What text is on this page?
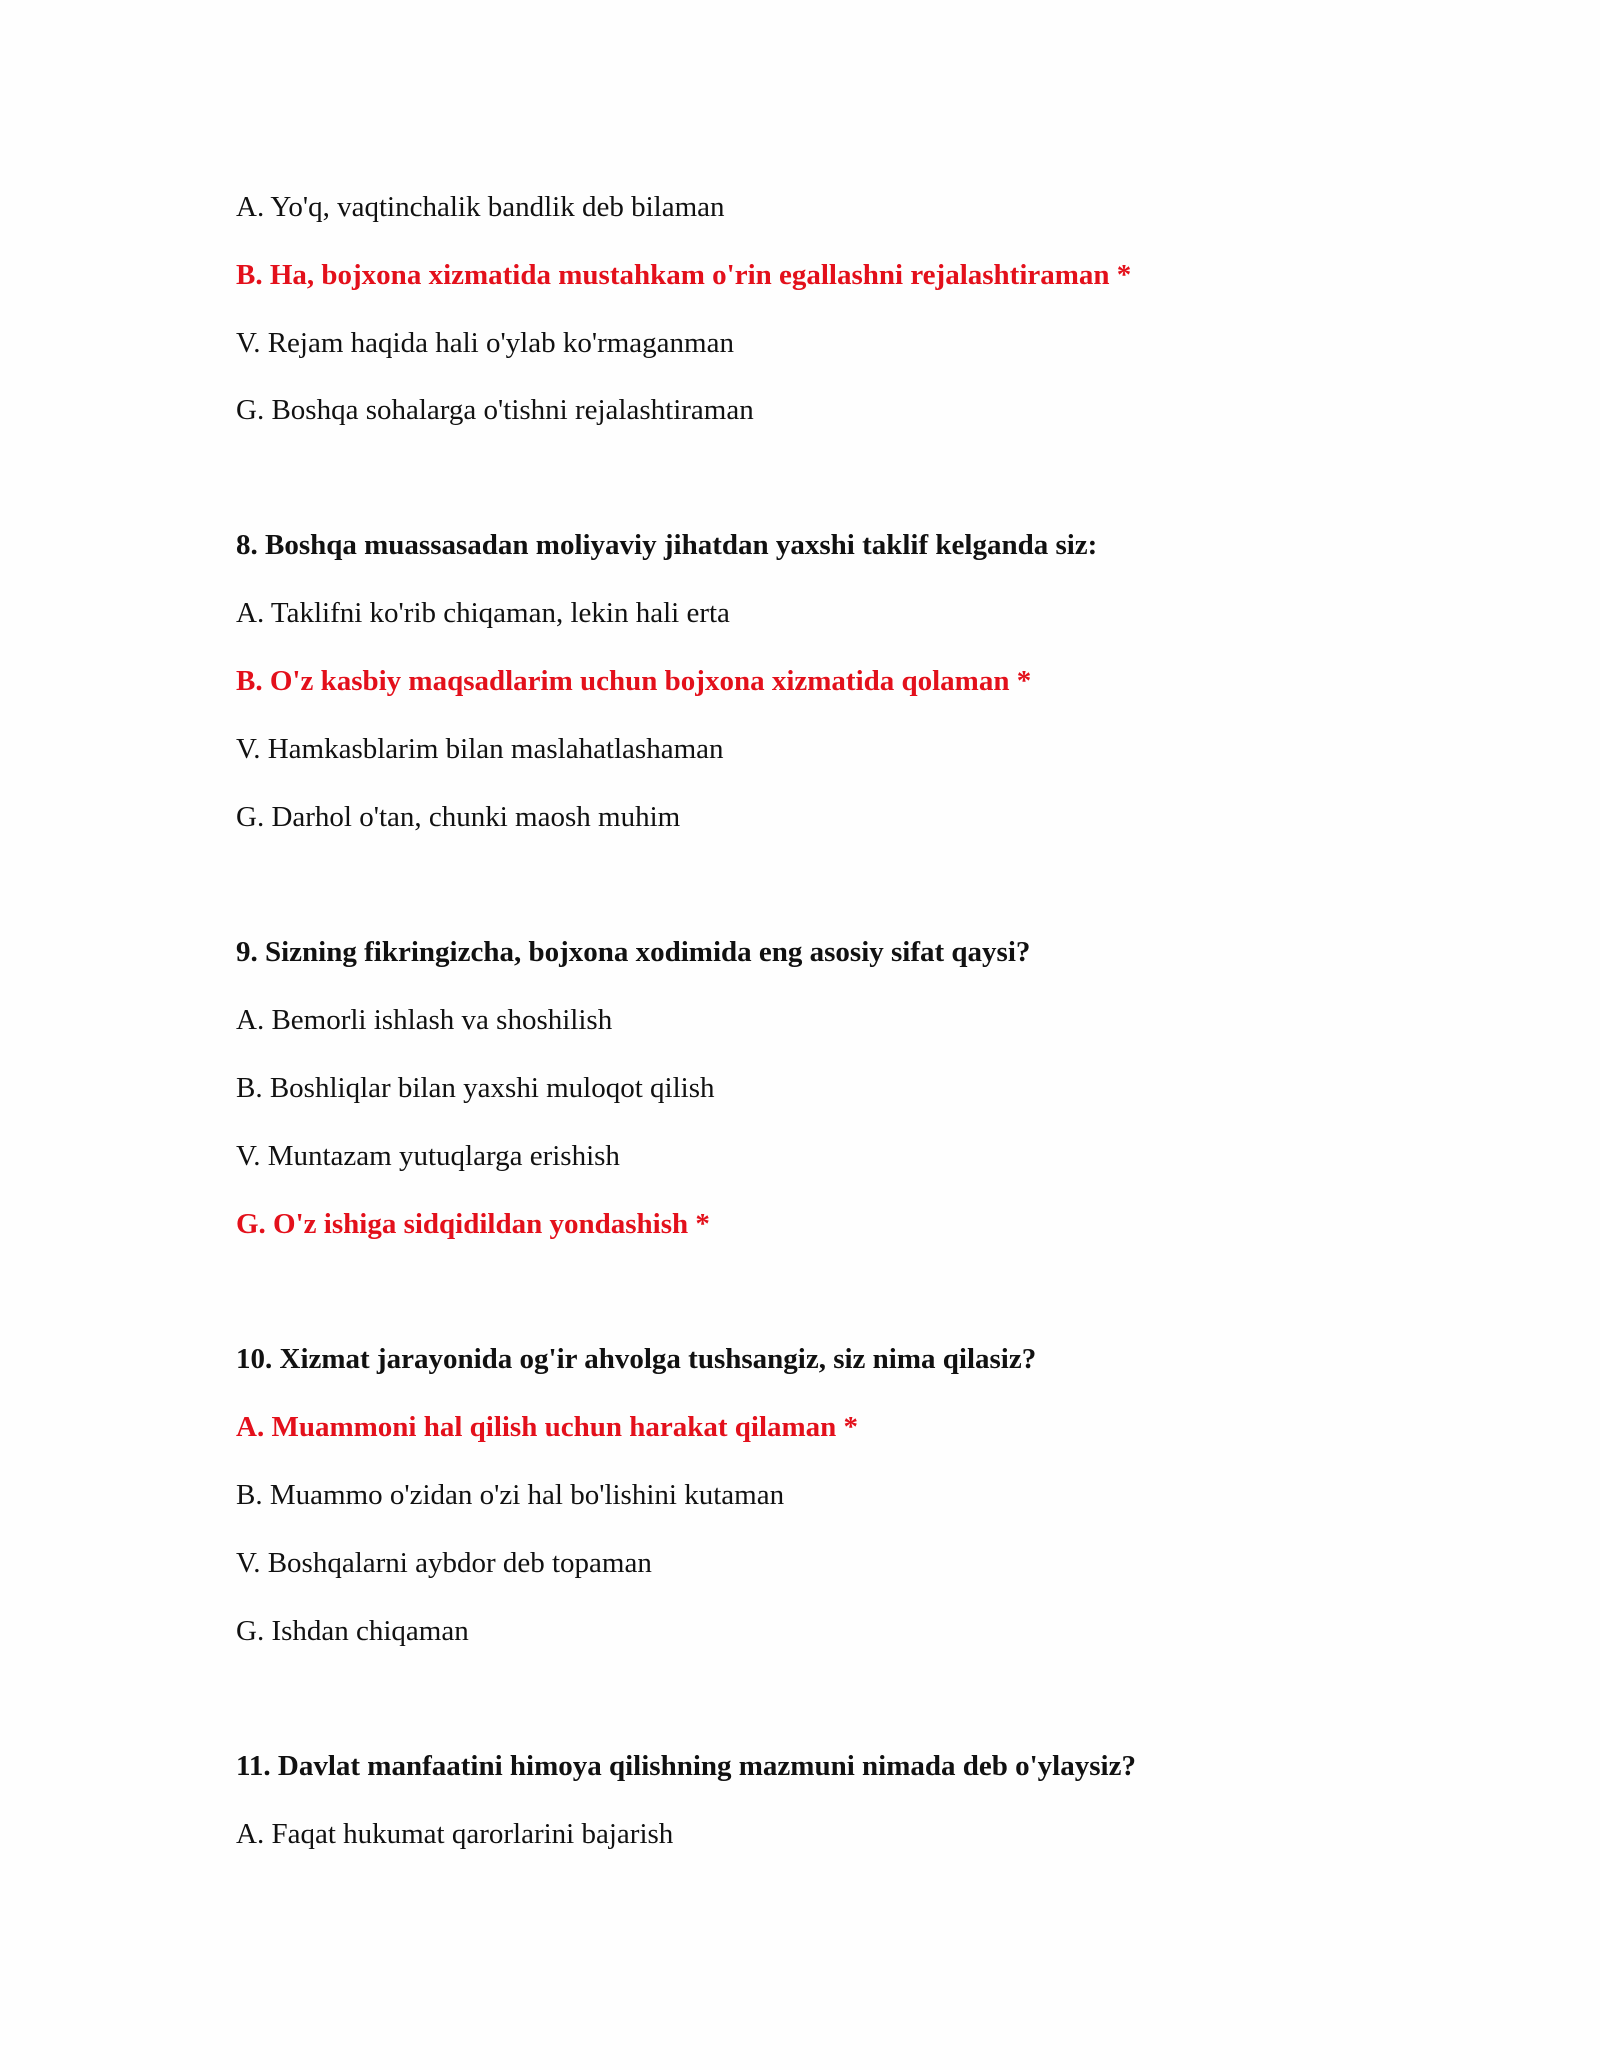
A. Yo'q, vaqtinchalik bandlik deb bilaman
B. Ha, bojxona xizmatida mustahkam o'rin egallashni rejalashtiraman *
V. Rejam haqida hali o'ylab ko'rmaganman
G. Boshqa sohalarga o'tishni rejalashtiraman
8. Boshqa muassasadan moliyaviy jihatdan yaxshi taklif kelganda siz:
A. Taklifni ko'rib chiqaman, lekin hali erta
B. O'z kasbiy maqsadlarim uchun bojxona xizmatida qolaman *
V. Hamkasblarim bilan maslahatlashaman
G. Darhol o'tan, chunki maosh muhim
9. Sizning fikringizcha, bojxona xodimida eng asosiy sifat qaysi?
A. Bemorli ishlash va shoshilish
B. Boshliqlar bilan yaxshi muloqot qilish
V. Muntazam yutuqlarga erishish
G. O'z ishiga sidqidildan yondashish *
10. Xizmat jarayonida og'ir ahvolga tushsangiz, siz nima qilasiz?
A. Muammoni hal qilish uchun harakat qilaman *
B. Muammo o'zidan o'zi hal bo'lishini kutaman
V. Boshqalarni aybdor deb topaman
G. Ishdan chiqaman
11. Davlat manfaatini himoya qilishning mazmuni nimada deb o'ylaysiz?
A. Faqat hukumat qarorlarini bajarish
